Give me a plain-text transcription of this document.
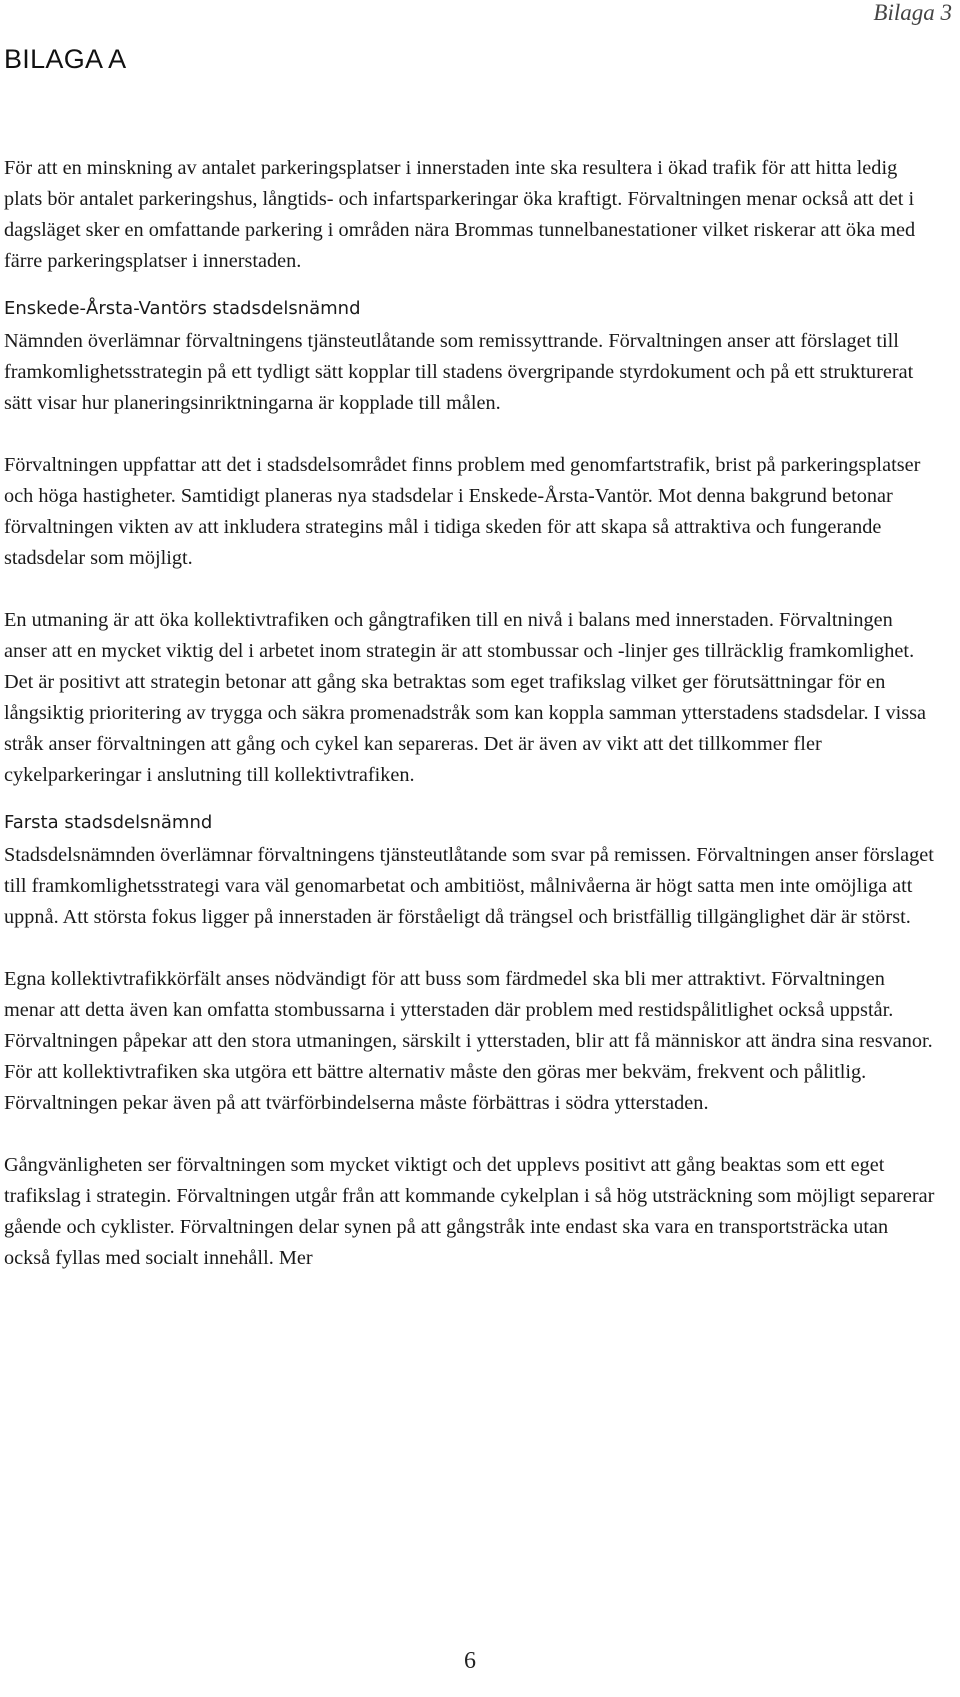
Bilaga 3
BILAGA A

För att en minskning av antalet parkeringsplatser i innerstaden inte ska resultera i ökad trafik för att hitta ledig plats bör antalet parkeringshus, långtids- och infartsparkeringar öka kraftigt. Förvaltningen menar också att det i dagsläget sker en omfattande parkering i områden nära Brommas tunnelbanestationer vilket riskerar att öka med färre parkeringsplatser i innerstaden.

Enskede-Årsta-Vantörs stadsdelsnämnd

Nämnden överlämnar förvaltningens tjänsteutlåtande som remissyttrande. Förvaltningen anser att förslaget till framkomlighetsstrategin på ett tydligt sätt kopplar till stadens övergripande styrdokument och på ett strukturerat sätt visar hur planeringsinriktningarna är kopplade till målen.

Förvaltningen uppfattar att det i stadsdelsområdet finns problem med genomfartstrafik, brist på parkeringsplatser och höga hastigheter. Samtidigt planeras nya stadsdelar i Enskede-Årsta-Vantör. Mot denna bakgrund betonar förvaltningen vikten av att inkludera strategins mål i tidiga skeden för att skapa så attraktiva och fungerande stadsdelar som möjligt.

En utmaning är att öka kollektivtrafiken och gångtrafiken till en nivå i balans med innerstaden. Förvaltningen anser att en mycket viktig del i arbetet inom strategin är att stombussar och -linjer ges tillräcklig framkomlighet. Det är positivt att strategin betonar att gång ska betraktas som eget trafikslag vilket ger förutsättningar för en långsiktig prioritering av trygga och säkra promenadstråk som kan koppla samman ytterstadens stadsdelar. I vissa stråk anser förvaltningen att gång och cykel kan separeras. Det är även av vikt att det tillkommer fler cykelparkeringar i anslutning till kollektivtrafiken.

Farsta stadsdelsnämnd

Stadsdelsnämnden överlämnar förvaltningens tjänsteutlåtande som svar på remissen. Förvaltningen anser förslaget till framkomlighetsstrategi vara väl genomarbetat och ambitiöst, målnivåerna är högt satta men inte omöjliga att uppnå. Att största fokus ligger på innerstaden är förståeligt då trängsel och bristfällig tillgänglighet där är störst.

Egna kollektivtrafikkörfält anses nödvändigt för att buss som färdmedel ska bli mer attraktivt. Förvaltningen menar att detta även kan omfatta stombussarna i ytterstaden där problem med restidspålitlighet också uppstår. Förvaltningen påpekar att den stora utmaningen, särskilt i ytterstaden, blir att få människor att ändra sina resvanor. För att kollektivtrafiken ska utgöra ett bättre alternativ måste den göras mer bekväm, frekvent och pålitlig. Förvaltningen pekar även på att tvärförbindelserna måste förbättras i södra ytterstaden.

Gångvänligheten ser förvaltningen som mycket viktigt och det upplevs positivt att gång beaktas som ett eget trafikslag i strategin. Förvaltningen utgår från att kommande cykelplan i så hög utsträckning som möjligt separerar gående och cyklister. Förvaltningen delar synen på att gångstråk inte endast ska vara en transportsträcka utan också fyllas med socialt innehåll. Mer

6
